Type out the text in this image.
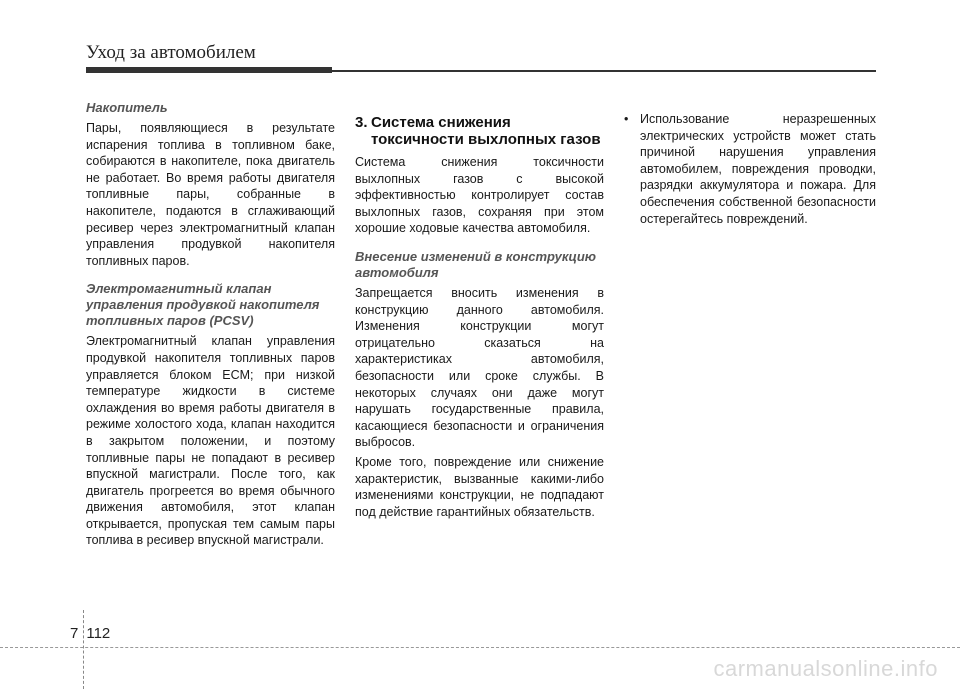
Уход за автомобилем
Накопитель

Пары, появляющиеся в результате испарения топлива в топливном баке, собираются в накопителе, пока двигатель не работает. Во время работы двигателя топливные пары, собранные в накопителе, подаются в сглаживающий ресивер через электромагнитный клапан управления продувкой накопителя топливных паров.

Электромагнитный клапан управления продувкой накопителя топливных паров (PCSV)

Электромагнитный клапан управления продувкой накопителя топливных паров управляется блоком ECM; при низкой температуре жидкости в системе охлаждения во время работы двигателя в режиме холостого хода, клапан находится в закрытом положении, и поэтому топливные пары не попадают в ресивер впускной магистрали. После того, как двигатель прогреется во время обычного движения автомобиля, этот клапан открывается, пропуская тем самым пары топлива в ресивер впускной магистрали.

3. Система снижения токсичности выхлопных газов

Система снижения токсичности выхлопных газов с высокой эффективностью контролирует состав выхлопных газов, сохраняя при этом хорошие ходовые качества автомобиля.

Внесение изменений в конструкцию автомобиля

Запрещается вносить изменения в конструкцию данного автомобиля. Изменения конструкции могут отрицательно сказаться на характеристиках автомобиля, безопасности или сроке службы. В некоторых случаях они даже могут нарушать государственные правила, касающиеся безопасности и ограничения выбросов.

Кроме того, повреждение или снижение характеристик, вызванные какими-либо изменениями конструкции, не подпадают под действие гарантийных обязательств.

• Использование неразрешенных электрических устройств может стать причиной нарушения управления автомобилем, повреждения проводки, разрядки аккумулятора и пожара. Для обеспечения собственной безопасности остерегайтесь повреждений.
7 112
carmanualsonline.info
